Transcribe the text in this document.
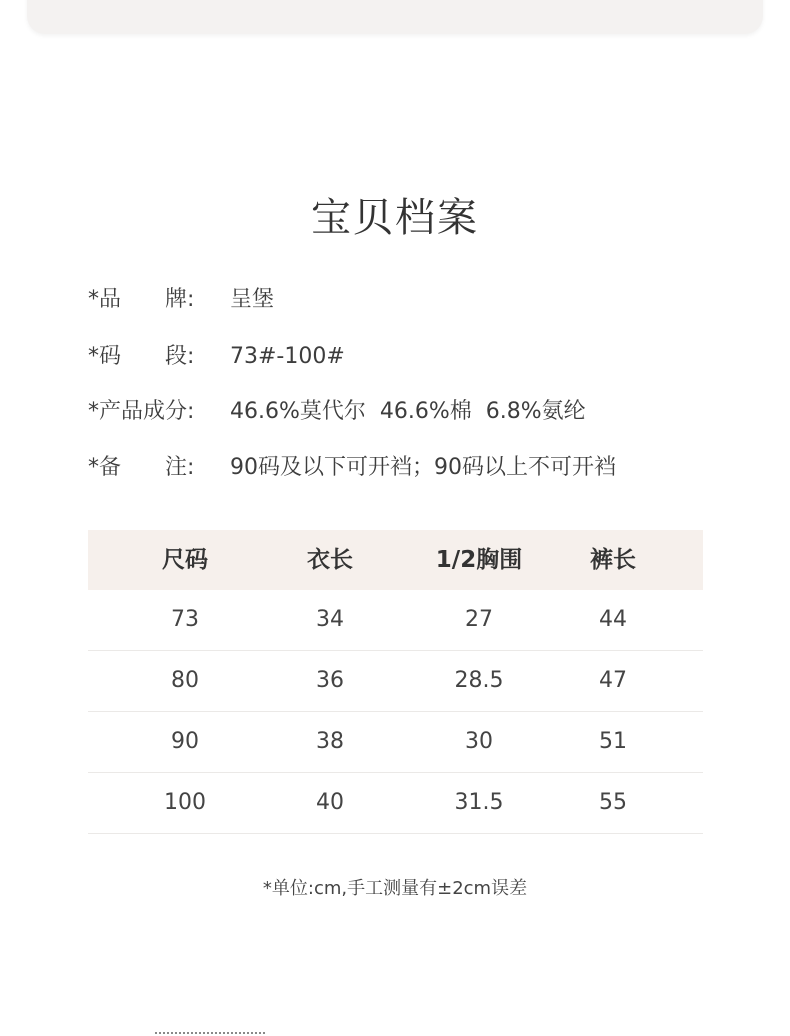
宝贝档案
*品　　牌: 呈堡
*码　　段: 73#-100#
*产品成分: 46.6%莫代尔  46.6%棉  6.8%氨纶
*备　　注: 90码及以下可开裆；90码以上不可开裆
尺码	衣长	1/2胸围	裤长
73	34	27	44
80	36	28.5	47
90	38	30	51
100	40	31.5	55
*单位:cm,手工测量有±2cm误差
